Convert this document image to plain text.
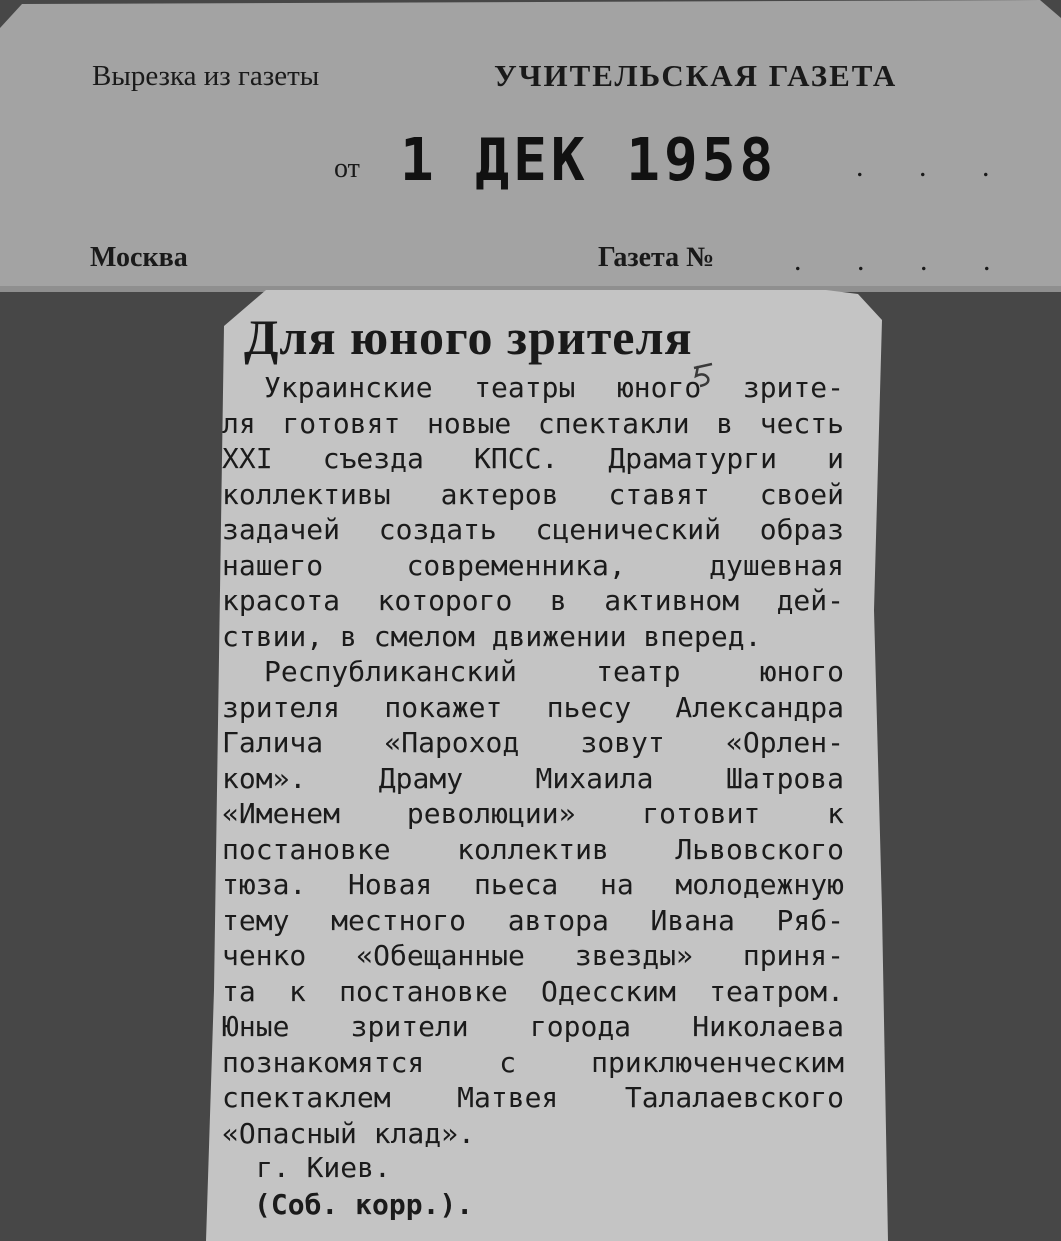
Вырезка из газеты	УЧИТЕЛЬСКАЯ ГАЗЕТА
от 1 ДЕК 1958	. . .
Москва	Газета №	. . . .
Для юного зрителя
Украинские театры юного зрите-
ля готовят новые спектакли в честь
XXI съезда КПСС. Драматурги и
коллективы актеров ставят своей
задачей создать сценический образ
нашего современника, душевная
красота которого в активном дей-
ствии, в смелом движении вперед.
Республиканский театр юного
зрителя покажет пьесу Александра
Галича «Пароход зовут «Орлен-
ком». Драму Михаила Шатрова
«Именем революции» готовит к
постановке коллектив Львовского
тюза. Новая пьеса на молодежную
тему местного автора Ивана Ряб-
ченко «Обещанные звезды» приня-
та к постановке Одесским театром.
Юные зрители города Николаева
познакомятся с приключенческим
спектаклем Матвея Талалаевского
«Опасный клад».
г. Киев.
(Соб. корр.).
